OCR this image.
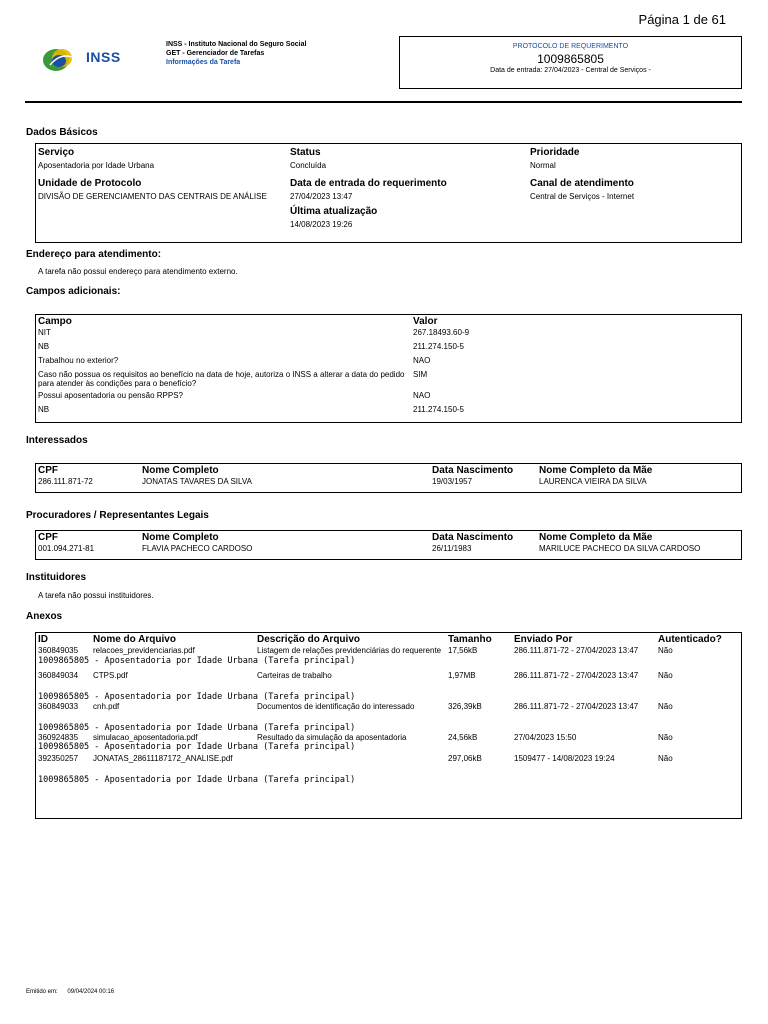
Página 1 de 61
INSS
INSS - Instituto Nacional do Seguro Social
GET - Gerenciador de Tarefas
Informações da Tarefa
PROTOCOLO DE REQUERIMENTO
1009865805
Data de entrada: 27/04/2023 - Central de Serviços -
Dados Básicos
Serviço
Aposentadoria por Idade Urbana
Status
Concluída
Prioridade
Normal
Unidade de Protocolo
DIVISÃO DE GERENCIAMENTO DAS CENTRAIS DE ANÁLISE
Data de entrada do requerimento
27/04/2023 13:47
Canal de atendimento
Central de Serviços - Internet
Última atualização
14/08/2023 19:26
Endereço para atendimento:
A tarefa não possui endereço para atendimento externo.
Campos adicionais:
Campo	Valor
NIT	267.18493.60-9
NB	211.274.150-5
Trabalhou no exterior?	NAO
Caso não possua os requisitos ao benefício na data de hoje, autoriza o INSS a alterar a data do pedido para atender às condições para o benefício?	SIM
Possui aposentadoria ou pensão RPPS?	NAO
NB	211.274.150-5
Interessados
CPF	Nome Completo	Data Nascimento	Nome Completo da Mãe
286.111.871-72	JONATAS TAVARES DA SILVA	19/03/1957	LAURENCA VIEIRA DA SILVA
Procuradores / Representantes Legais
CPF	Nome Completo	Data Nascimento	Nome Completo da Mãe
001.094.271-81	FLAVIA PACHECO CARDOSO	26/11/1983	MARILUCE PACHECO DA SILVA CARDOSO
Instituidores
A tarefa não possui instituidores.
Anexos
ID	Nome do Arquivo	Descrição do Arquivo	Tamanho	Enviado Por	Autenticado?
360849035	relacoes_previdenciarias.pdf	Listagem de relações previdenciárias do requerente	17,56kB	286.111.871-72 - 27/04/2023 13:47	Não
1009865805 - Aposentadoria por Idade Urbana (Tarefa principal)					
360849034	CTPS.pdf	Carteiras de trabalho	1,97MB	286.111.871-72 - 27/04/2023 13:47	Não
1009865805 - Aposentadoria por Idade Urbana (Tarefa principal)					
360849033	cnh.pdf	Documentos de identificação do interessado	326,39kB	286.111.871-72 - 27/04/2023 13:47	Não
1009865805 - Aposentadoria por Idade Urbana (Tarefa principal)					
360924835	simulacao_aposentadoria.pdf	Resultado da simulação da aposentadoria	24,56kB	27/04/2023 15:50	Não
1009865805 - Aposentadoria por Idade Urbana (Tarefa principal)					
392350257	JONATAS_28611187172_ANALISE.pdf		297,06kB	1509477 - 14/08/2023 19:24	Não
1009865805 - Aposentadoria por Idade Urbana (Tarefa principal)					
Emitido em: 09/04/2024 00:16
